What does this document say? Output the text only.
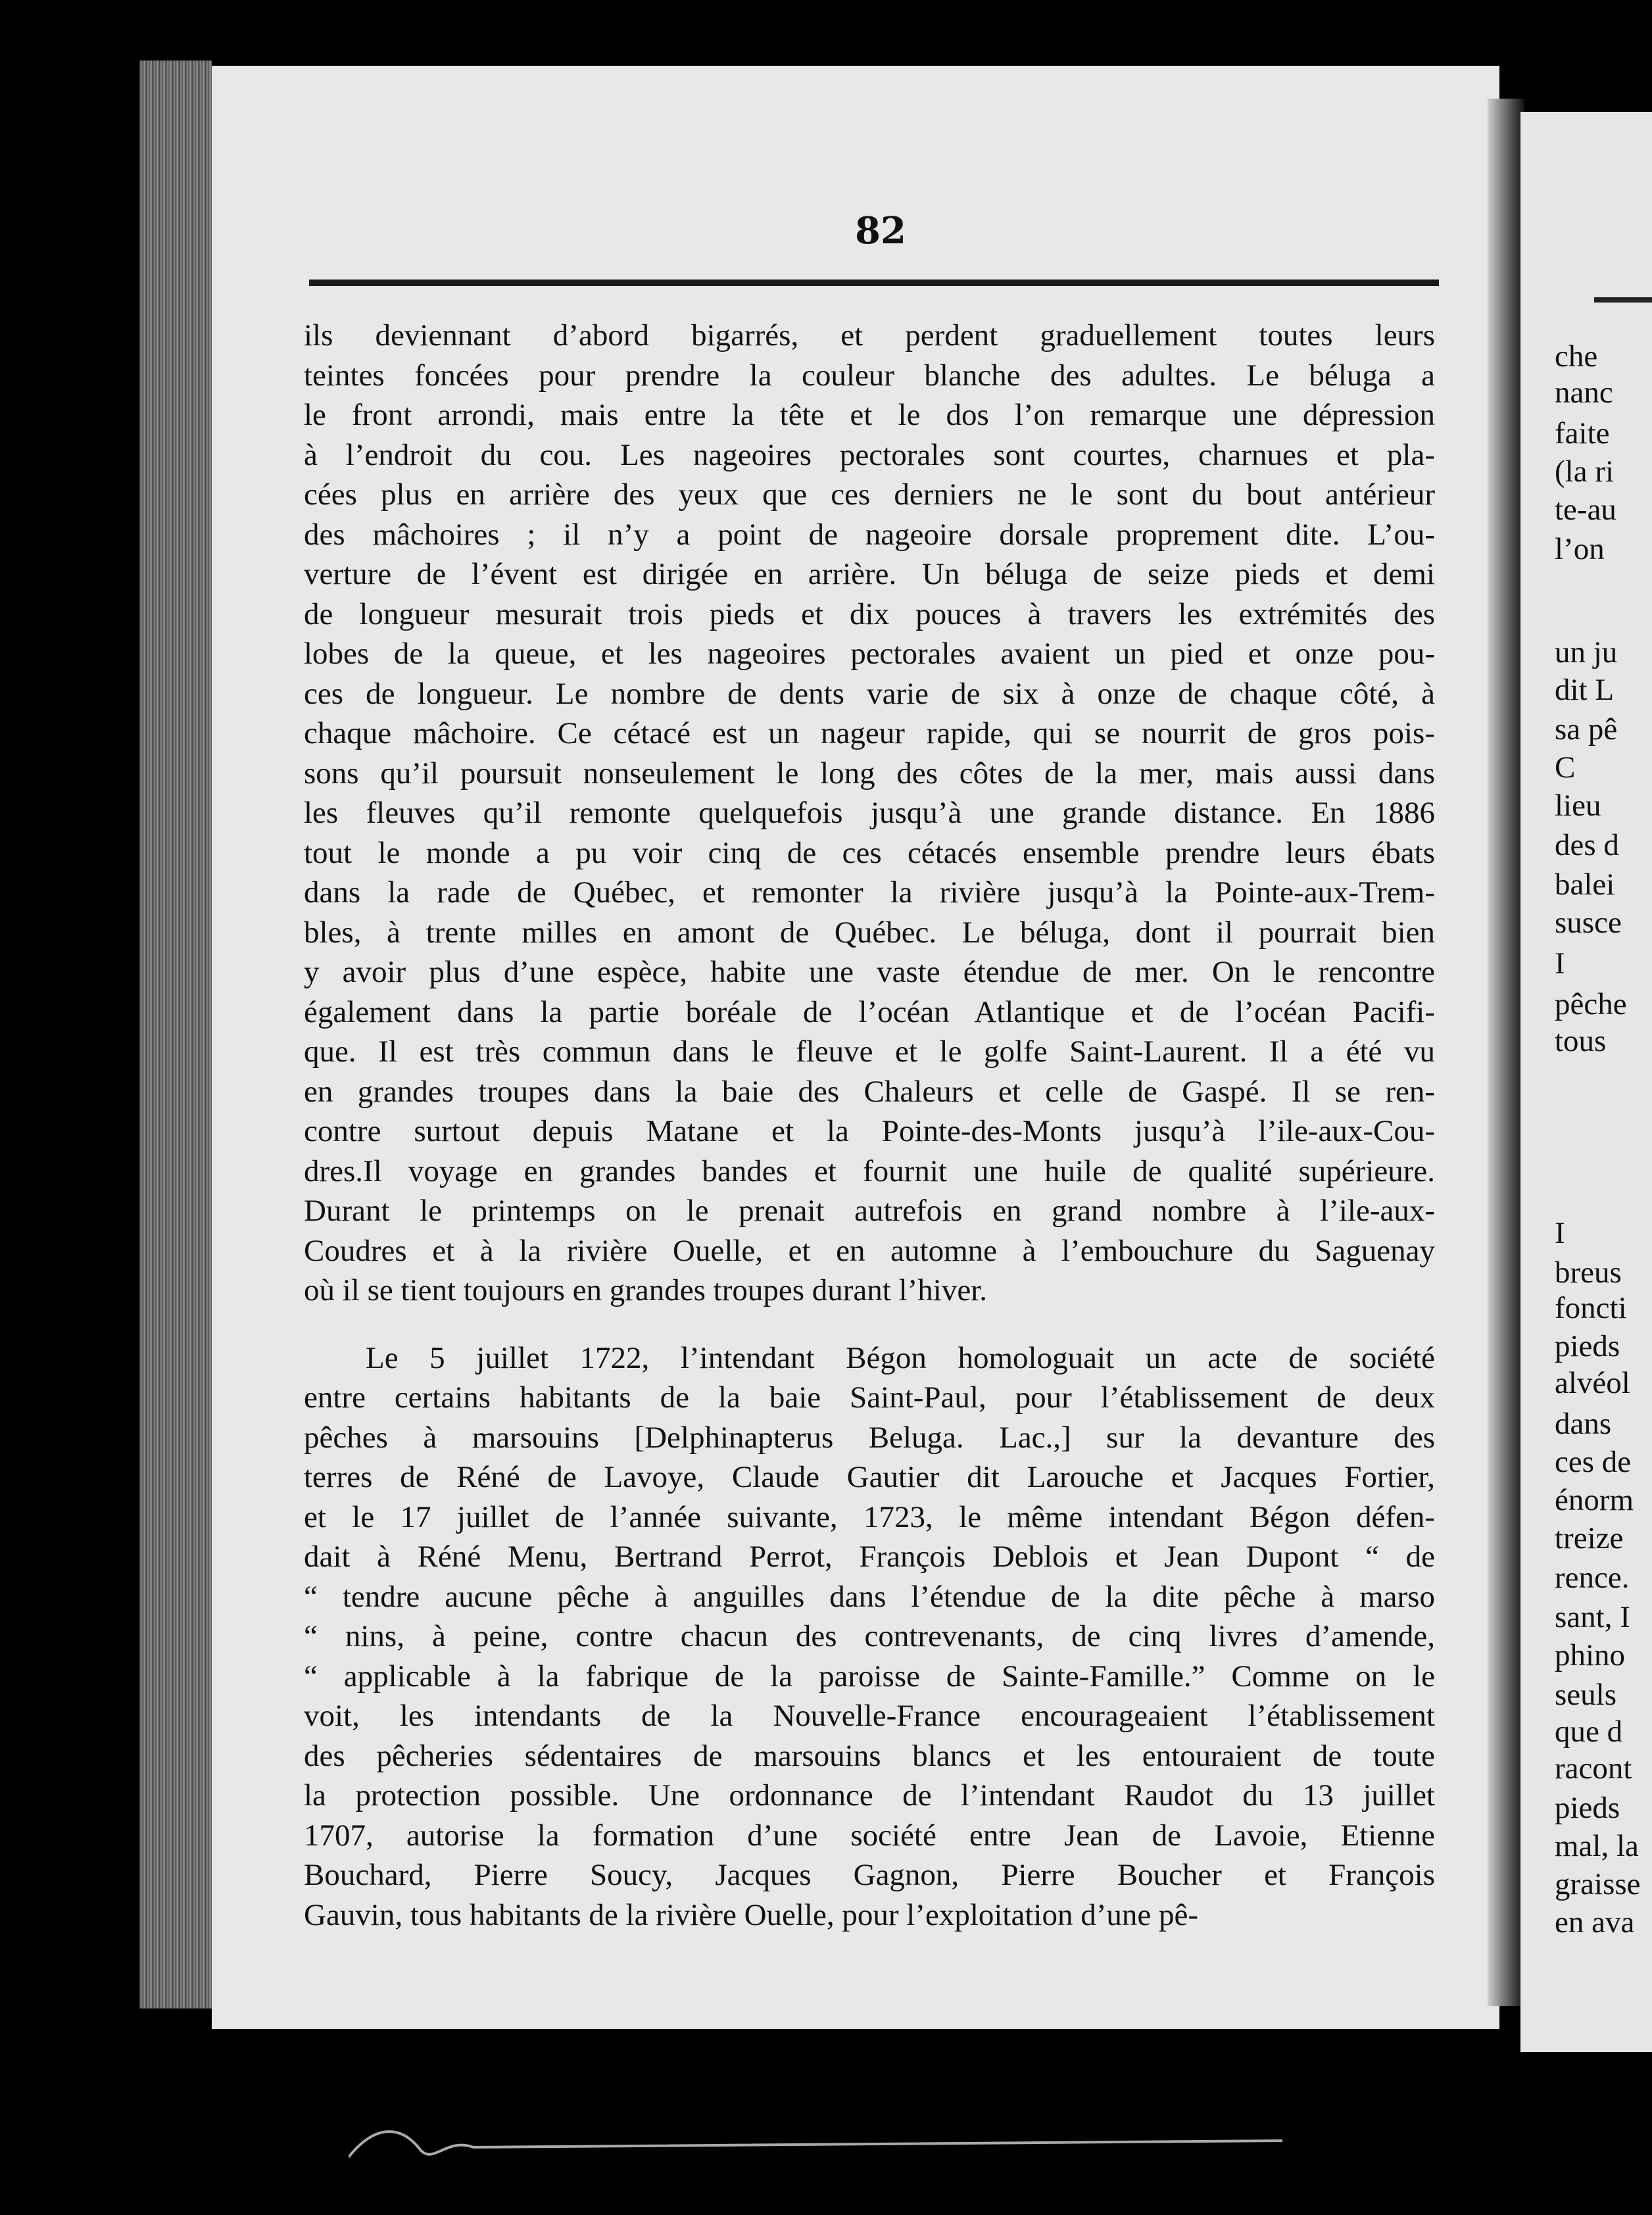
82
ils deviennant d’abord bigarrés, et perdent graduellement toutes leurs
teintes foncées pour prendre la couleur blanche des adultes. Le béluga a
le front arrondi, mais entre la tête et le dos l’on remarque une dépression
à l’endroit du cou. Les nageoires pectorales sont courtes, charnues et pla-
cées plus en arrière des yeux que ces derniers ne le sont du bout antérieur
des mâchoires ; il n’y a point de nageoire dorsale proprement dite. L’ou-
verture de l’évent est dirigée en arrière. Un béluga de seize pieds et demi
de longueur mesurait trois pieds et dix pouces à travers les extrémités des
lobes de la queue, et les nageoires pectorales avaient un pied et onze pou-
ces de longueur. Le nombre de dents varie de six à onze de chaque côté, à
chaque mâchoire. Ce cétacé est un nageur rapide, qui se nourrit de gros pois-
sons qu’il poursuit nonseulement le long des côtes de la mer, mais aussi dans
les fleuves qu’il remonte quelquefois jusqu’à une grande distance. En 1886
tout le monde a pu voir cinq de ces cétacés ensemble prendre leurs ébats
dans la rade de Québec, et remonter la rivière jusqu’à la Pointe-aux-Trem-
bles, à trente milles en amont de Québec. Le béluga, dont il pourrait bien
y avoir plus d’une espèce, habite une vaste étendue de mer. On le rencontre
également dans la partie boréale de l’océan Atlantique et de l’océan Pacifi-
que. Il est très commun dans le fleuve et le golfe Saint-Laurent. Il a été vu
en grandes troupes dans la baie des Chaleurs et celle de Gaspé. Il se ren-
contre surtout depuis Matane et la Pointe-des-Monts jusqu’à l’ile-aux-Cou-
dres.Il voyage en grandes bandes et fournit une huile de qualité supérieure.
Durant le printemps on le prenait autrefois en grand nombre à l’ile-aux-
Coudres et à la rivière Ouelle, et en automne à l’embouchure du Saguenay
où il se tient toujours en grandes troupes durant l’hiver.
Le 5 juillet 1722, l’intendant Bégon homologuait un acte de société
entre certains habitants de la baie Saint-Paul, pour l’établissement de deux
pêches à marsouins [Delphinapterus Beluga. Lac.,] sur la devanture des
terres de Réné de Lavoye, Claude Gautier dit Larouche et Jacques Fortier,
et le 17 juillet de l’année suivante, 1723, le même intendant Bégon défen-
dait à Réné Menu, Bertrand Perrot, François Deblois et Jean Dupont “ de
“ tendre aucune pêche à anguilles dans l’étendue de la dite pêche à marso
“ nins, à peine, contre chacun des contrevenants, de cinq livres d’amende,
“ applicable à la fabrique de la paroisse de Sainte-Famille.” Comme on le
voit, les intendants de la Nouvelle-France encourageaient l’établissement
des pêcheries sédentaires de marsouins blancs et les entouraient de toute
la protection possible. Une ordonnance de l’intendant Raudot du 13 juillet
1707, autorise la formation d’une société entre Jean de Lavoie, Etienne
Bouchard, Pierre Soucy, Jacques Gagnon, Pierre Boucher et François
Gauvin, tous habitants de la rivière Ouelle, pour l’exploitation d’une pê-
che
nanc
faite
(la ri
te-au
l’on
un ju
dit L
sa pê
C
lieu
des d
balei
susce
I
pêche
tous
I
breus
foncti
pieds
alvéol
dans
ces de
énorm
treize
rence.
sant, I
phino
seuls
que d
racont
pieds
mal, la
graisse
en ava
